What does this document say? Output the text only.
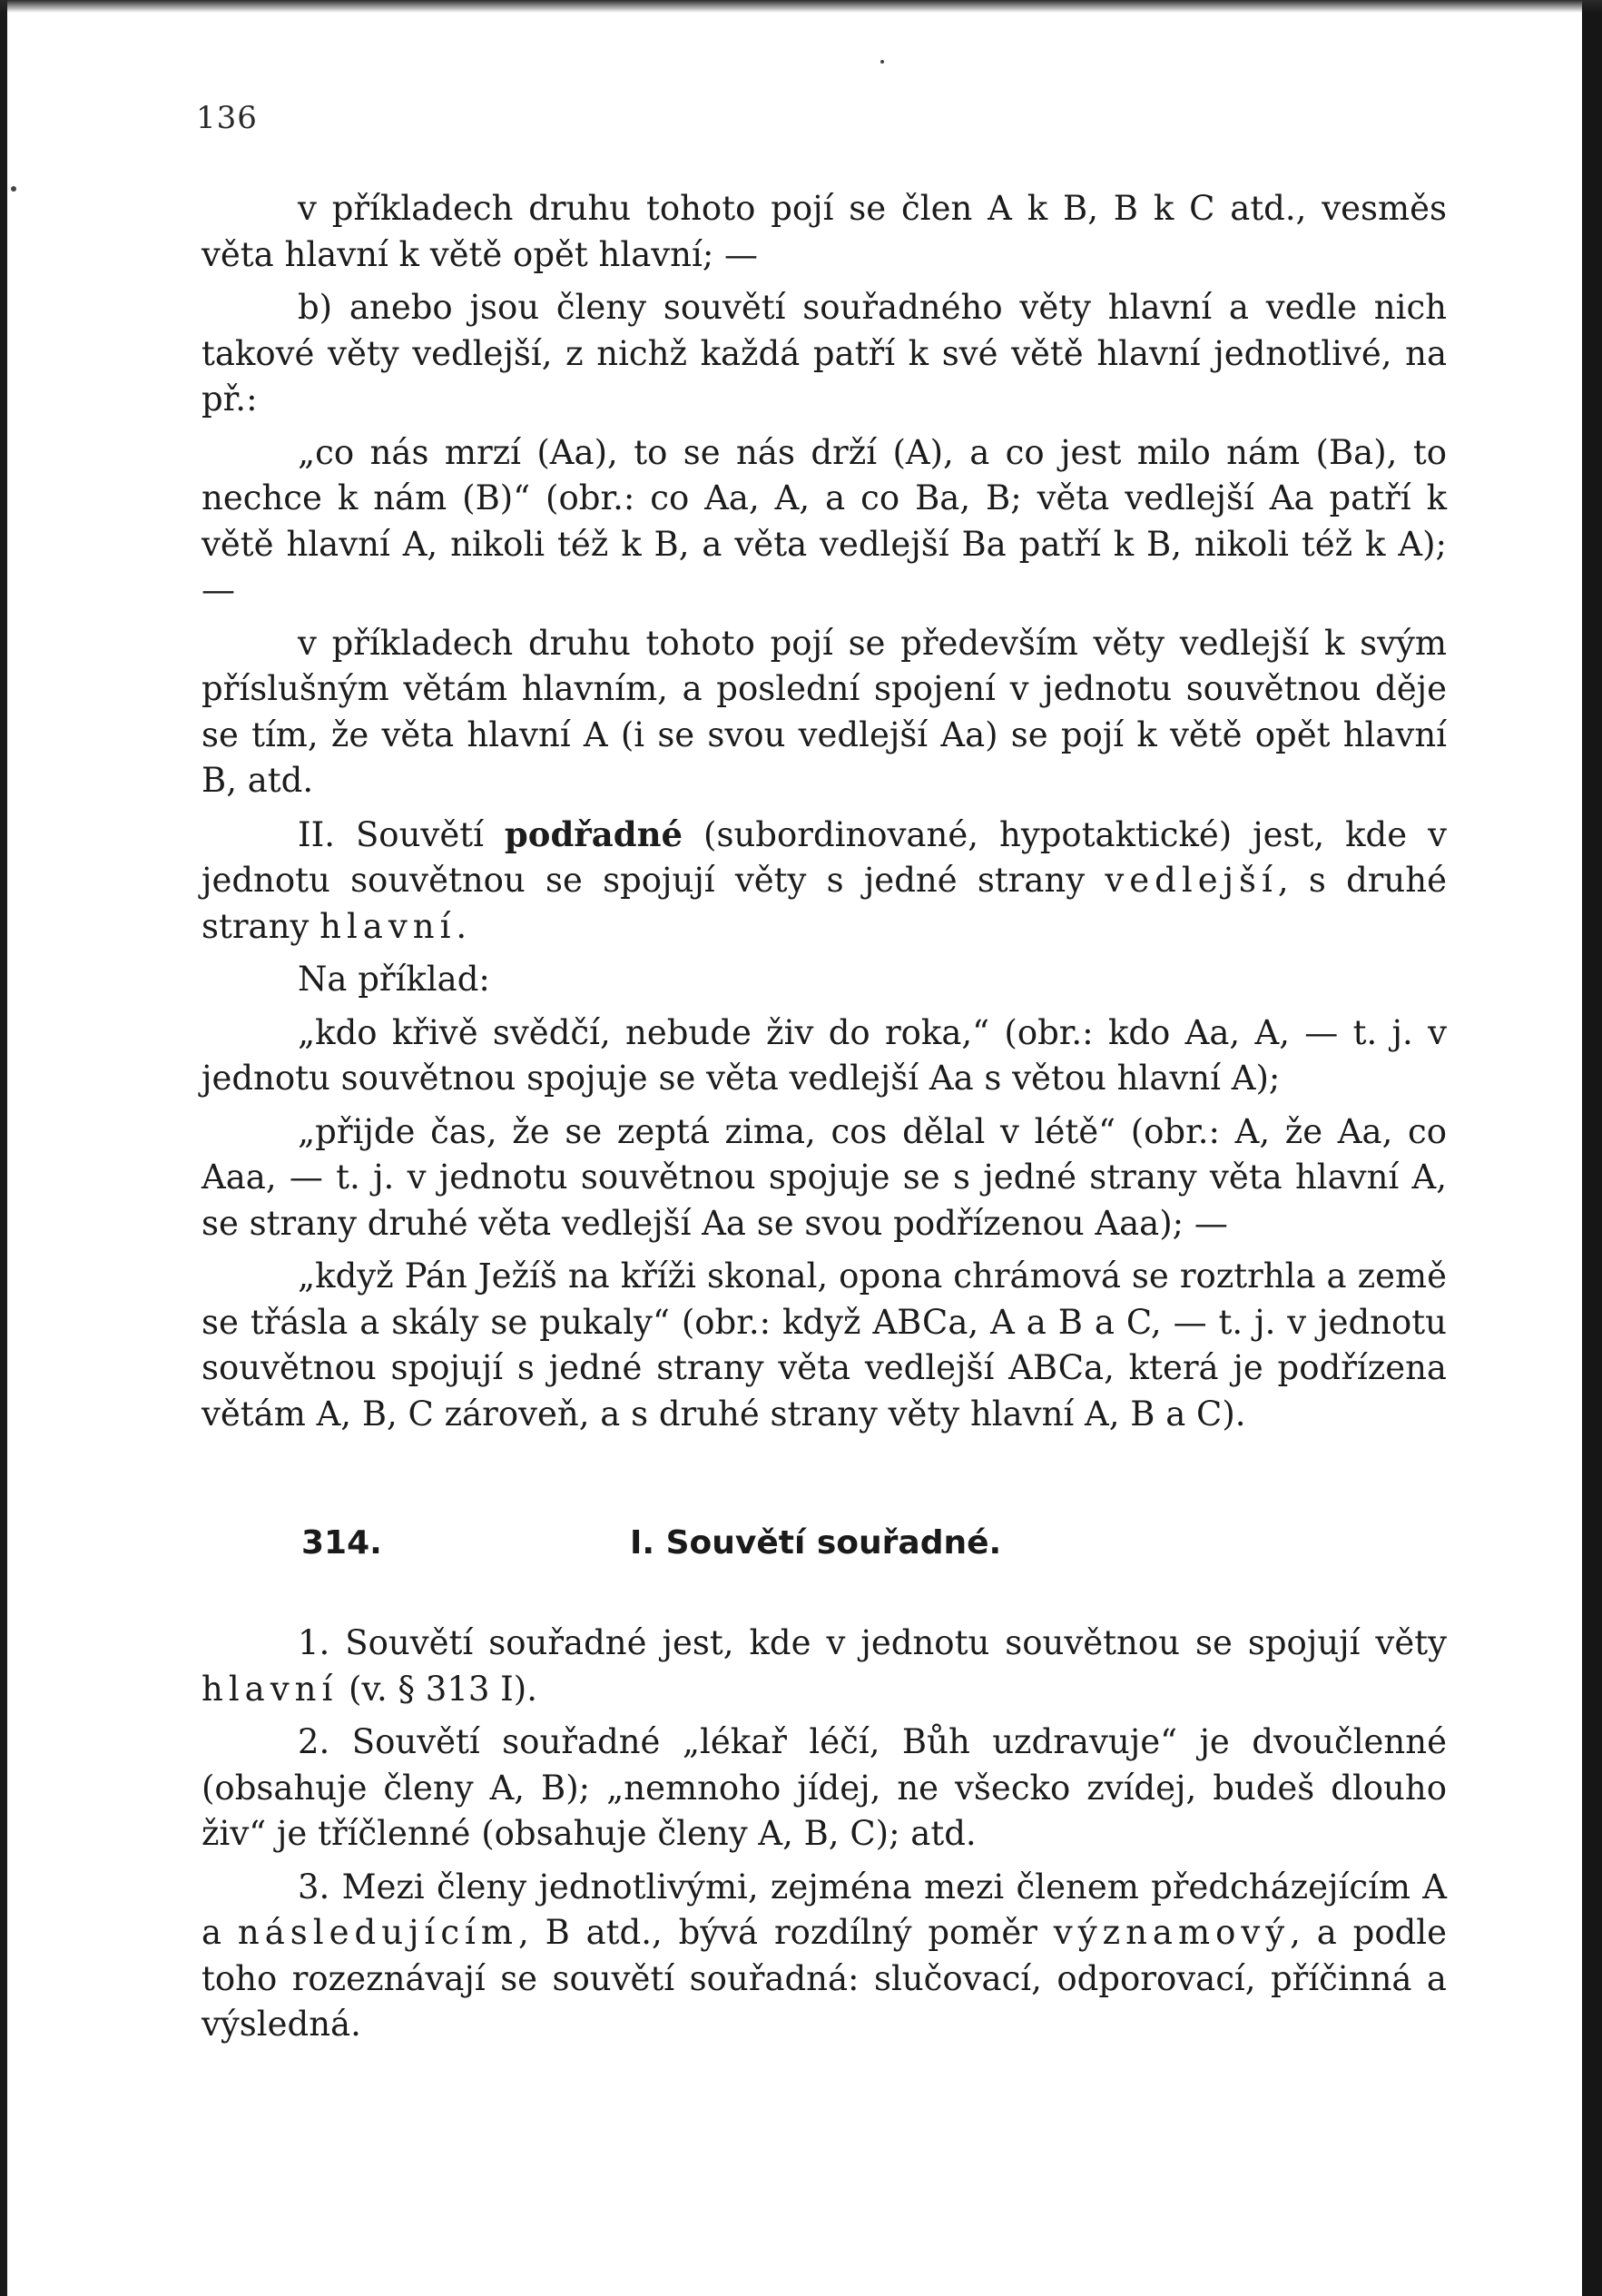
136

v příkladech druhu tohoto pojí se člen A k B, B k C atd., vesměs věta hlavní k větě opět hlavní; —

b) anebo jsou členy souvětí souřadného věty hlavní a vedle nich takové věty vedlejší, z nichž každá patří k své větě hlavní jednotlivé, na př.:

„co nás mrzí (Aa), to se nás drží (A), a co jest milo nám (Ba), to nechce k nám (B)“ (obr.: co Aa, A, a co Ba, B; věta vedlejší Aa patří k větě hlavní A, nikoli též k B, a věta vedlejší Ba patří k B, nikoli též k A); —

v příkladech druhu tohoto pojí se především věty vedlejší k svým příslušným větám hlavním, a poslední spojení v jednotu souvětnou děje se tím, že věta hlavní A (i se svou vedlejší Aa) se pojí k větě opět hlavní B, atd.

II. Souvětí podřadné (subordinované, hypotaktické) jest, kde v jednotu souvětnou se spojují věty s jedné strany vedlejší, s druhé strany hlavní.

Na příklad:

„kdo křivě svědčí, nebude živ do roka,“ (obr.: kdo Aa, A, — t. j. v jednotu souvětnou spojuje se věta vedlejší Aa s větou hlavní A);

„přijde čas, že se zeptá zima, cos dělal v létě“ (obr.: A, že Aa, co Aaa, — t. j. v jednotu souvětnou spojuje se s jedné strany věta hlavní A, se strany druhé věta vedlejší Aa se svou podřízenou Aaa); —

„když Pán Ježíš na kříži skonal, opona chrámová se roztrhla a země se třásla a skály se pukaly“ (obr.: když ABCa, A a B a C, — t. j. v jednotu souvětnou spojují s jedné strany věta vedlejší ABCa, která je podřízena větám A, B, C zároveň, a s druhé strany věty hlavní A, B a C).

314.	I. Souvětí souřadné.

1. Souvětí souřadné jest, kde v jednotu souvětnou se spojují věty hlavní (v. § 313 I).

2. Souvětí souřadné „lékař léčí, Bůh uzdravuje“ je dvoučlenné (obsahuje členy A, B); „nemnoho jídej, ne všecko zvídej, budeš dlouho živ“ je tříčlenné (obsahuje členy A, B, C); atd.

3. Mezi členy jednotlivými, zejména mezi členem předcházejícím A a následujícím, B atd., bývá rozdílný poměr významový, a podle toho rozeznávají se souvětí souřadná: slučovací, odporovací, příčinná a výsledná.
